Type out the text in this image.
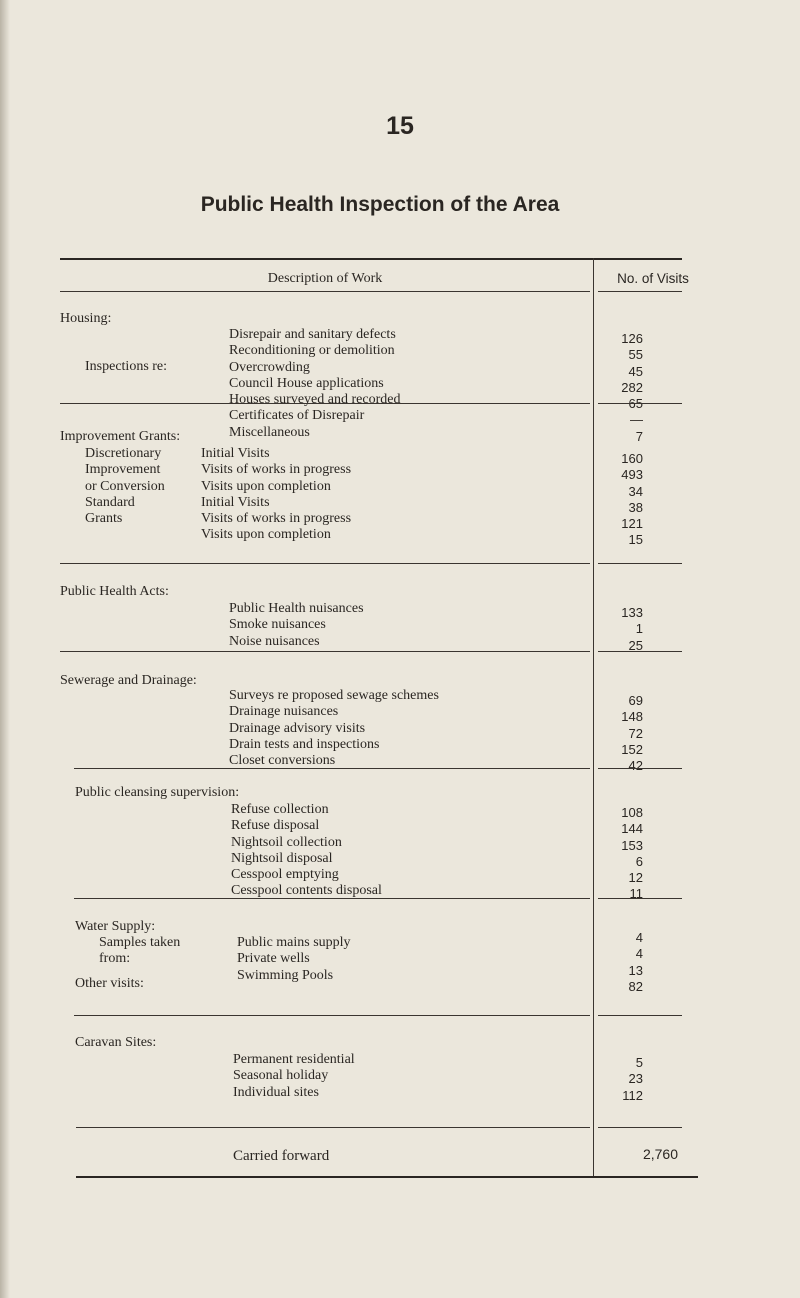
15
Public Health Inspection of the Area
Description of Work	No. of Visits
Housing:
Inspections re:
Disrepair and sanitary defects
Reconditioning or demolition
Overcrowding
Council House applications
Houses surveyed and recorded
Certificates of Disrepair
Miscellaneous
126
55
45
282
65
—
7
Improvement Grants:
Discretionary
Improvement
or Conversion
Standard
Grants
Initial Visits
Visits of works in progress
Visits upon completion
Initial Visits
Visits of works in progress
Visits upon completion
160
493
34
38
121
15
Public Health Acts:
Public Health nuisances
Smoke nuisances
Noise nuisances
133
1
25
Sewerage and Drainage:
Surveys re proposed sewage schemes
Drainage nuisances
Drainage advisory visits
Drain tests and inspections
Closet conversions
69
148
72
152
42
Public cleansing supervision:
Refuse collection
Refuse disposal
Nightsoil collection
Nightsoil disposal
Cesspool emptying
Cesspool contents disposal
108
144
153
6
12
11
Water Supply:
Samples taken
from:
Other visits:
Public mains supply
Private wells
Swimming Pools
4
4
13
82
Caravan Sites:
Permanent residential
Seasonal holiday
Individual sites
5
23
112
Carried forward	2,760
